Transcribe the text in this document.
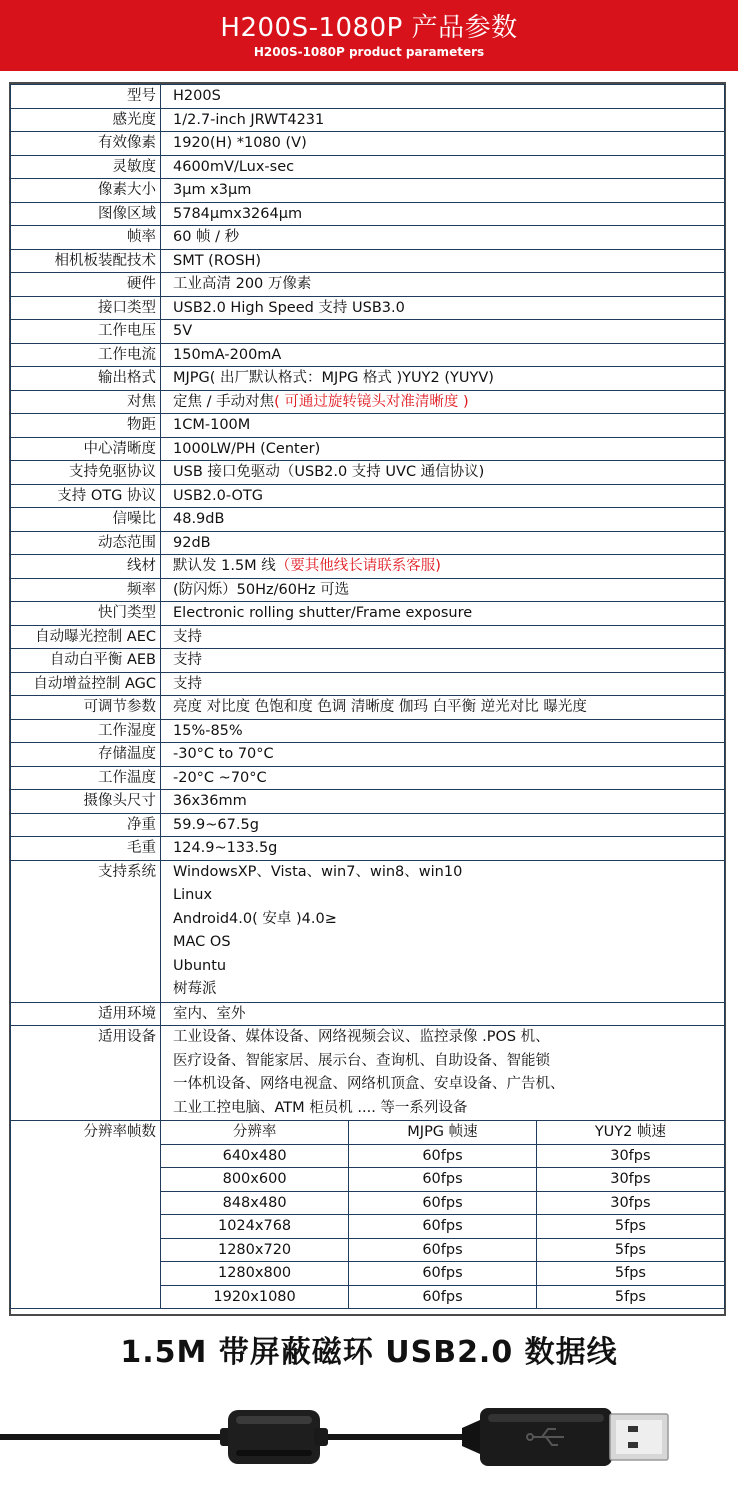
H200S-1080P 产品参数
H200S-1080P product parameters
型号	H200S
感光度	1/2.7-inch JRWT4231
有效像素	1920(H) *1080 (V)
灵敏度	4600mV/Lux-sec
像素大小	3μm x3μm
图像区域	5784μmx3264μm
帧率	60 帧 / 秒
相机板装配技术	SMT (ROSH)
硬件	工业高清 200 万像素
接口类型	USB2.0 High Speed 支持 USB3.0
工作电压	5V
工作电流	150mA-200mA
输出格式	MJPG( 出厂默认格式：MJPG 格式 )YUY2 (YUYV)
对焦	定焦 / 手动对焦( 可通过旋转镜头对准清晰度 )
物距	1CM-100M
中心清晰度	1000LW/PH (Center)
支持免驱协议	USB 接口免驱动（USB2.0 支持 UVC 通信协议)
支持 OTG 协议	USB2.0-OTG
信噪比	48.9dB
动态范围	92dB
线材	默认发 1.5M 线（要其他线长请联系客服)
频率	(防闪烁）50Hz/60Hz 可选
快门类型	Electronic rolling shutter/Frame exposure
自动曝光控制 AEC	支持
自动白平衡 AEB	支持
自动增益控制 AGC	支持
可调节参数	亮度 对比度 色饱和度 色调 清晰度 伽玛 白平衡 逆光对比 曝光度
工作湿度	15%-85%
存储温度	-30°C to 70°C
工作温度	-20°C ~70°C
摄像头尺寸	36x36mm
净重	59.9~67.5g
毛重	124.9~133.5g
支持系统	WindowsXP、Vista、win7、win8、win10
Linux
Android4.0( 安卓 )4.0≥
MAC OS
Ubuntu
树莓派

适用环境	室内、室外
适用设备	工业设备、媒体设备、网络视频会议、监控录像 .POS 机、
医疗设备、智能家居、展示台、查询机、自助设备、智能锁
一体机设备、网络电视盒、网络机顶盒、安卓设备、广告机、
工业工控电脑、ATM 柜员机 .... 等一系列设备

分辨率帧数		分辨率	MJPG 帧速	YUY2 帧速
640x480	60fps	30fps
800x600	60fps	30fps
848x480	60fps	30fps
1024x768	60fps	5fps
1280x720	60fps	5fps
1280x800	60fps	5fps
1920x1080	60fps	5fps
1.5M 带屏蔽磁环 USB2.0 数据线
